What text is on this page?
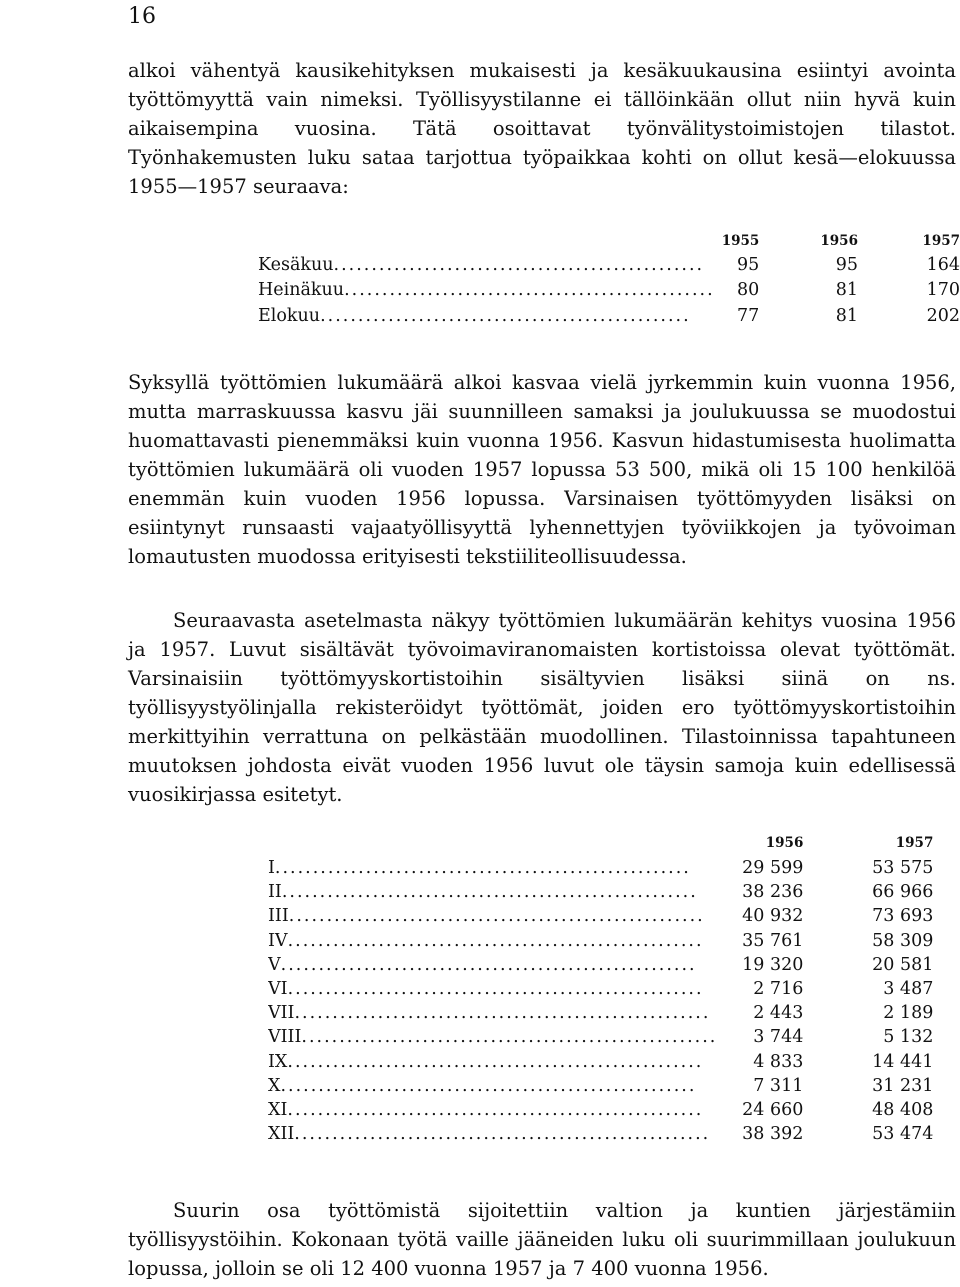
16

alkoi vähentyä kausikehityksen mukaisesti ja kesäkuukausina esiintyi avointa työttömyyttä vain nimeksi. Työllisyystilanne ei tällöinkään ollut niin hyvä kuin aikaisempina vuosina. Tätä osoittavat työnvälitystoimistojen tilastot. Työnhakemusten luku sataa tarjottua työpaikkaa kohti on ollut kesä—elokuussa 1955—1957 seuraava:

	1955	1956	1957
Kesäkuu.................................................	95	95	164
Heinäkuu.................................................	80	81	170
Elokuu.................................................	77	81	202

Syksyllä työttömien lukumäärä alkoi kasvaa vielä jyrkemmin kuin vuonna 1956, mutta marraskuussa kasvu jäi suunnilleen samaksi ja joulukuussa se muodostui huomattavasti pienemmäksi kuin vuonna 1956. Kasvun hidastumisesta huolimatta työttömien lukumäärä oli vuoden 1957 lopussa 53 500, mikä oli 15 100 henkilöä enemmän kuin vuoden 1956 lopussa. Varsinaisen työttömyyden lisäksi on esiintynyt runsaasti vajaatyöllisyyttä lyhennettyjen työviikkojen ja työvoiman lomautusten muodossa erityisesti tekstiiliteollisuudessa.

Seuraavasta asetelmasta näkyy työttömien lukumäärän kehitys vuosina 1956 ja 1957. Luvut sisältävät työvoimaviranomaisten kortistoissa olevat työttömät. Varsinaisiin työttömyyskortistoihin sisältyvien lisäksi siinä on ns. työllisyystyölinjalla rekisteröidyt työttömät, joiden ero työttömyyskortistoihin merkittyihin verrattuna on pelkästään muodollinen. Tilastoinnissa tapahtuneen muutoksen johdosta eivät vuoden 1956 luvut ole täysin samoja kuin edellisessä vuosikirjassa esitetyt.

	1956	1957
I.......................................................	29 599	53 575
II.......................................................	38 236	66 966
III.......................................................	40 932	73 693
IV.......................................................	35 761	58 309
V.......................................................	19 320	20 581
VI.......................................................	2 716	3 487
VII.......................................................	2 443	2 189
VIII.......................................................	3 744	5 132
IX.......................................................	4 833	14 441
X.......................................................	7 311	31 231
XI.......................................................	24 660	48 408
XII.......................................................	38 392	53 474

Suurin osa työttömistä sijoitettiin valtion ja kuntien järjestämiin työllisyystöihin. Kokonaan työtä vaille jääneiden luku oli suurimmillaan joulukuun lopussa, jolloin se oli 12 400 vuonna 1957 ja 7 400 vuonna 1956.
